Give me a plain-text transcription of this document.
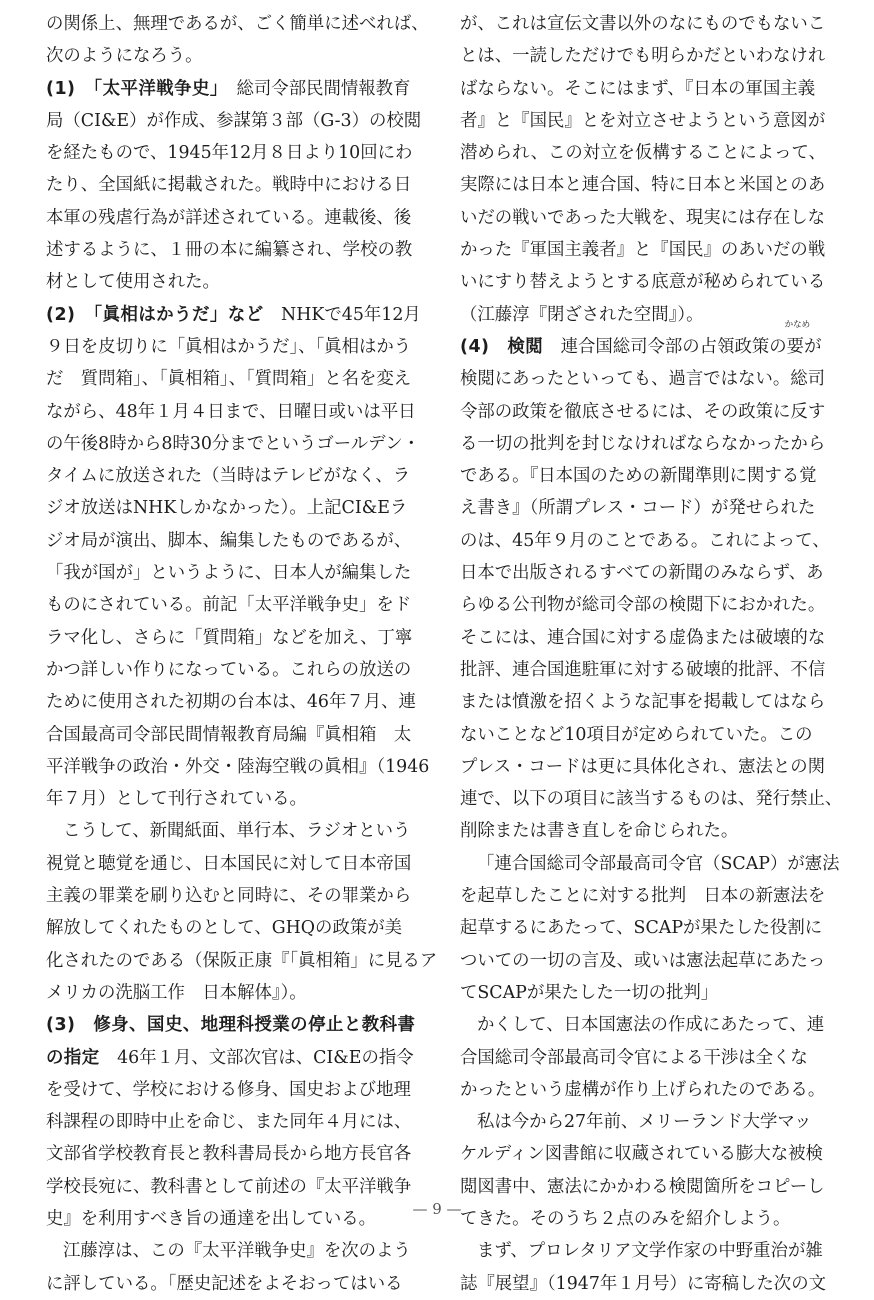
の関係上、無理であるが、ごく簡単に述べれば、
次のようになろう。
(1)　「太平洋戦争史」　総司令部民間情報教育
局（CI&E）が作成、参謀第３部（G-3）の校閲
を経たもので、1945年12月８日より10回にわ
たり、全国紙に掲載された。戦時中における日
本軍の残虐行為が詳述されている。連載後、後
述するように、１冊の本に編纂され、学校の教
材として使用された。
(2)　「眞相はかうだ」など　NHKで45年12月
９日を皮切りに「眞相はかうだ」、「眞相はかう
だ　質問箱」、「眞相箱」、「質問箱」と名を変え
ながら、48年１月４日まで、日曜日或いは平日
の午後8時から8時30分までというゴールデン・
タイムに放送された（当時はテレビがなく、ラ
ジオ放送はNHKしかなかった）。上記CI&Eラ
ジオ局が演出、脚本、編集したものであるが、
「我が国が」というように、日本人が編集した
ものにされている。前記「太平洋戦争史」をド
ラマ化し、さらに「質問箱」などを加え、丁寧
かつ詳しい作りになっている。これらの放送の
ために使用された初期の台本は、46年７月、連
合国最高司令部民間情報教育局編『眞相箱　太
平洋戦争の政治・外交・陸海空戦の眞相』（1946
年７月）として刊行されている。
こうして、新聞紙面、単行本、ラジオという
視覚と聴覚を通じ、日本国民に対して日本帝国
主義の罪業を刷り込むと同時に、その罪業から
解放してくれたものとして、GHQの政策が美
化されたのである（保阪正康『「眞相箱」に見るア
メリカの洗脳工作　日本解体』）。
(3)　修身、国史、地理科授業の停止と教科書
の指定　46年１月、文部次官は、CI&Eの指令
を受けて、学校における修身、国史および地理
科課程の即時中止を命じ、また同年４月には、
文部省学校教育長と教科書局長から地方長官各
学校長宛に、教科書として前述の『太平洋戦争
史』を利用すべき旨の通達を出している。
江藤淳は、この『太平洋戦争史』を次のよう
に評している。「歴史記述をよそおってはいる
が、これは宣伝文書以外のなにものでもないこ
とは、一読しただけでも明らかだといわなけれ
ばならない。そこにはまず、『日本の軍国主義
者』と『国民』とを対立させようという意図が
潜められ、この対立を仮構することによって、
実際には日本と連合国、特に日本と米国とのあ
いだの戦いであった大戦を、現実には存在しな
かった『軍国主義者』と『国民』のあいだの戦
いにすり替えようとする底意が秘められている
（江藤淳『閉ざされた空間』）。
(4)　検閲　連合国総司令部の占領政策の
かなめ
要が
検閲にあったといっても、過言ではない。総司
令部の政策を徹底させるには、その政策に反す
る一切の批判を封じなければならなかったから
である。『日本国のための新聞準則に関する覚
え書き』（所謂プレス・コード）が発せられた
のは、45年９月のことである。これによって、
日本で出版されるすべての新聞のみならず、あ
らゆる公刊物が総司令部の検閲下におかれた。
そこには、連合国に対する虚偽または破壊的な
批評、連合国進駐軍に対する破壊的批評、不信
または憤激を招くような記事を掲載してはなら
ないことなど10項目が定められていた。この
プレス・コードは更に具体化され、憲法との関
連で、以下の項目に該当するものは、発行禁止、
削除または書き直しを命じられた。
「連合国総司令部最高司令官（SCAP）が憲法
を起草したことに対する批判　日本の新憲法を
起草するにあたって、SCAPが果たした役割に
ついての一切の言及、或いは憲法起草にあたっ
てSCAPが果たした一切の批判」
かくして、日本国憲法の作成にあたって、連
合国総司令部最高司令官による干渉は全くな
かったという虚構が作り上げられたのである。
私は今から27年前、メリーランド大学マッ
ケルディン図書館に収蔵されている膨大な被検
閲図書中、憲法にかかわる検閲箇所をコピーし
てきた。そのうち２点のみを紹介しよう。
まず、プロレタリア文学作家の中野重治が雑
誌『展望』（1947年１月号）に寄稿した次の文
— 9 —
